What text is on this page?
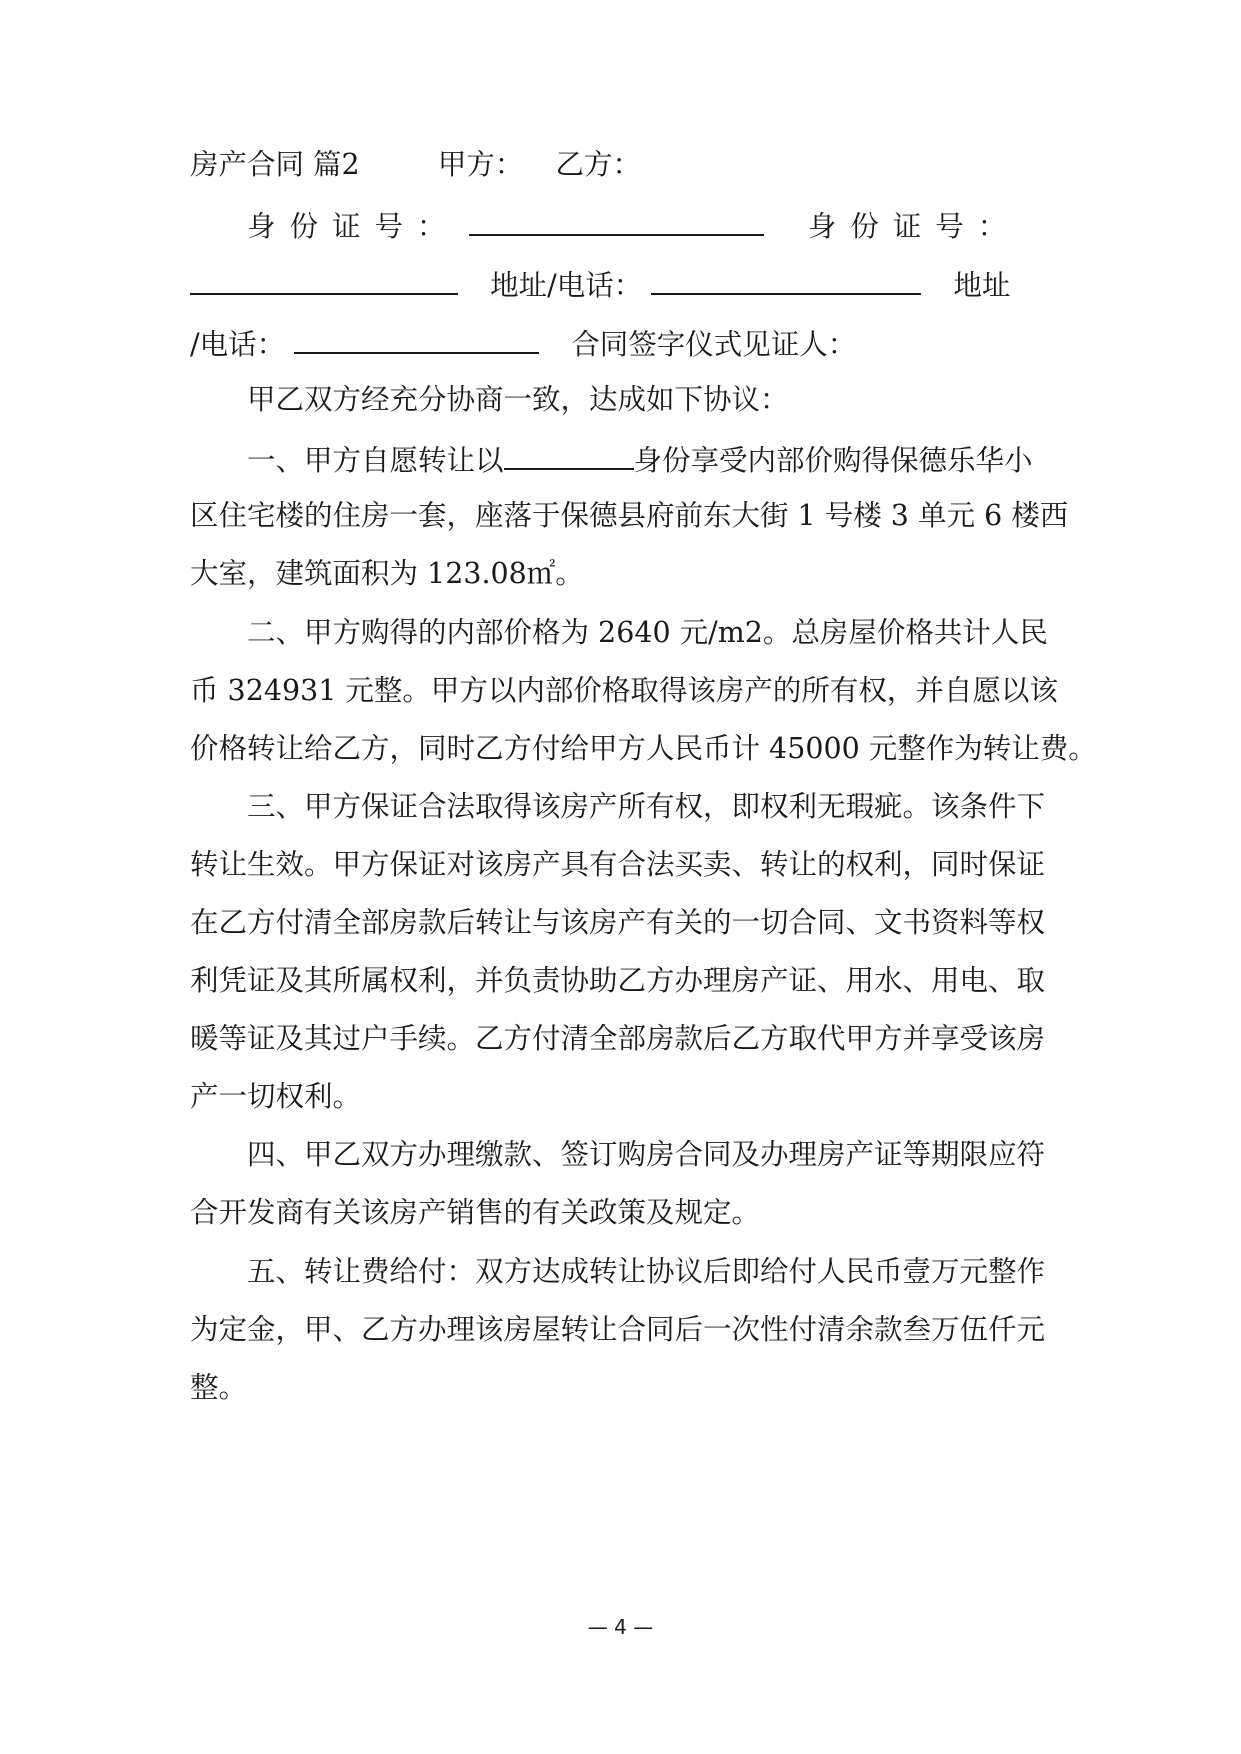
房产合同 篇2	甲方： 乙方：
身份证号：	身份证号：
地址/电话：	地址
/电话：	合同签字仪式见证人：
甲乙双方经充分协商一致，达成如下协议：
一、甲方自愿转让以	身份享受内部价购得保德乐华小
区住宅楼的住房一套，座落于保德县府前东大街 1 号楼 3 单元 6 楼西
大室，建筑面积为 123.08㎡。
二、甲方购得的内部价格为 2640 元/m2。总房屋价格共计人民
币 324931 元整。甲方以内部价格取得该房产的所有权，并自愿以该
价格转让给乙方，同时乙方付给甲方人民币计 45000 元整作为转让费。
三、甲方保证合法取得该房产所有权，即权利无瑕疵。该条件下
转让生效。甲方保证对该房产具有合法买卖、转让的权利，同时保证
在乙方付清全部房款后转让与该房产有关的一切合同、文书资料等权
利凭证及其所属权利，并负责协助乙方办理房产证、用水、用电、取
暖等证及其过户手续。乙方付清全部房款后乙方取代甲方并享受该房
产一切权利。
四、甲乙双方办理缴款、签订购房合同及办理房产证等期限应符
合开发商有关该房产销售的有关政策及规定。
五、转让费给付：双方达成转让协议后即给付人民币壹万元整作
为定金，甲、乙方办理该房屋转让合同后一次性付清余款叁万伍仟元
整。
— 4 —
